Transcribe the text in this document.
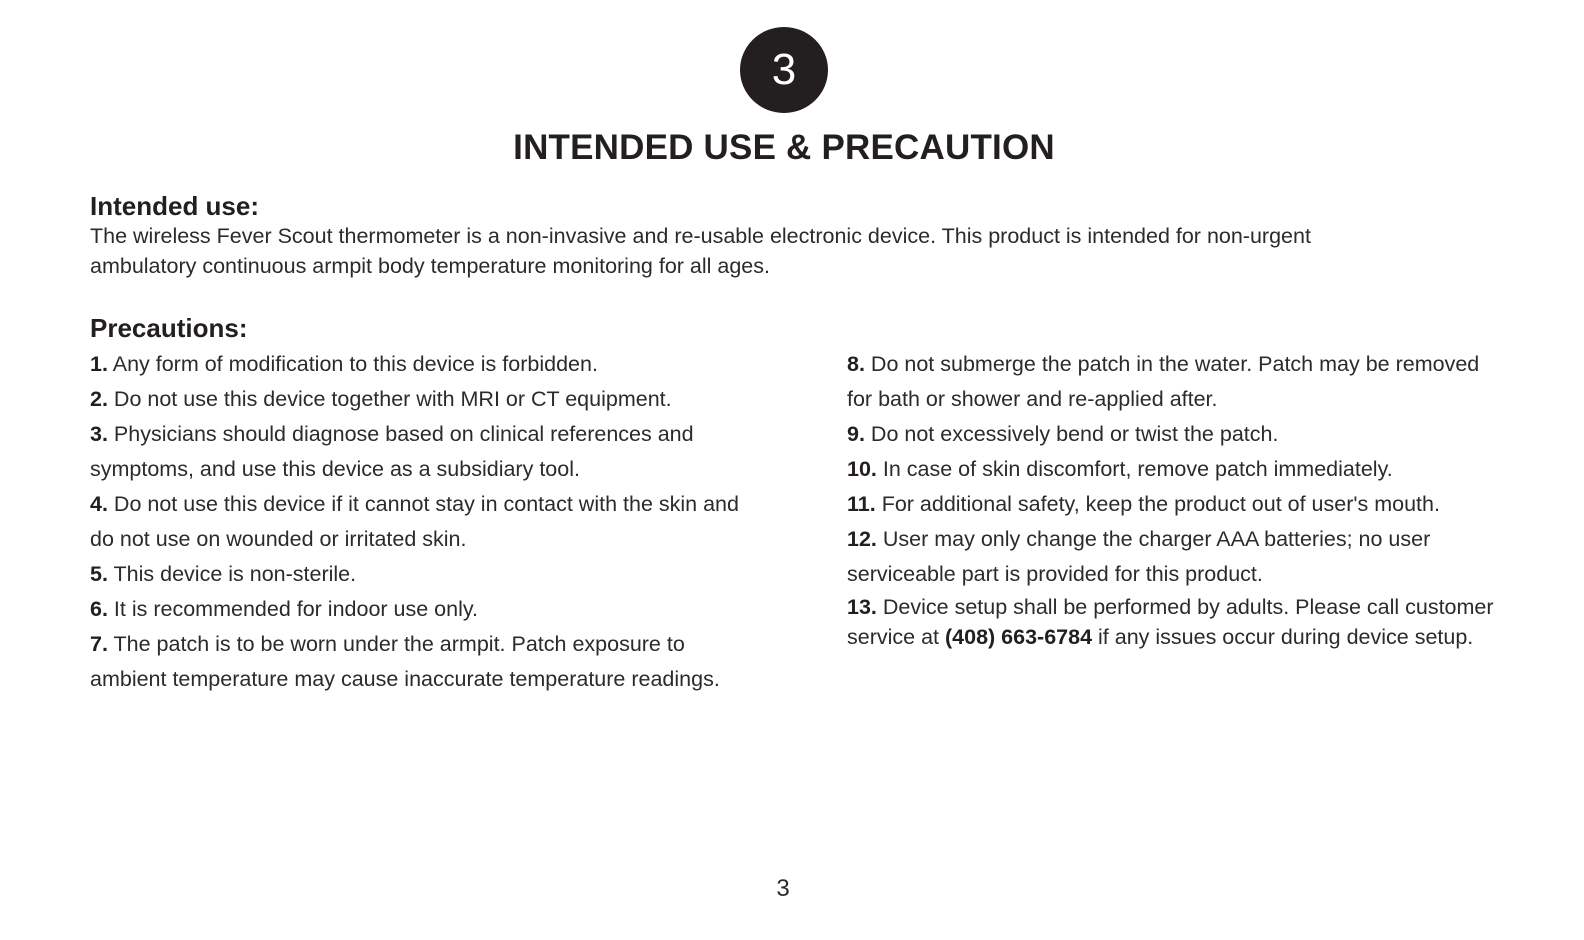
3
INTENDED USE & PRECAUTION
Intended use:
The wireless Fever Scout thermometer is a non-invasive and re-usable electronic device. This product is intended for non-urgent ambulatory continuous armpit body temperature monitoring for all ages.
Precautions:
1. Any form of modification to this device is forbidden.
2. Do not use this device together with MRI or CT equipment.
3. Physicians should diagnose based on clinical references and symptoms, and use this device as a subsidiary tool.
4. Do not use this device if it cannot stay in contact with the skin and do not use on wounded or irritated skin.
5. This device is non-sterile.
6. It is recommended for indoor use only.
7. The patch is to be worn under the armpit. Patch exposure to ambient temperature may cause inaccurate temperature readings.
8. Do not submerge the patch in the water. Patch may be removed for bath or shower and re-applied after.
9. Do not excessively bend or twist the patch.
10. In case of skin discomfort, remove patch immediately.
11. For additional safety, keep the product out of user's mouth.
12. User may only change the charger AAA batteries; no user serviceable part is provided for this product.
13. Device setup shall be performed by adults. Please call customer service at (408) 663-6784 if any issues occur during device setup.
3
